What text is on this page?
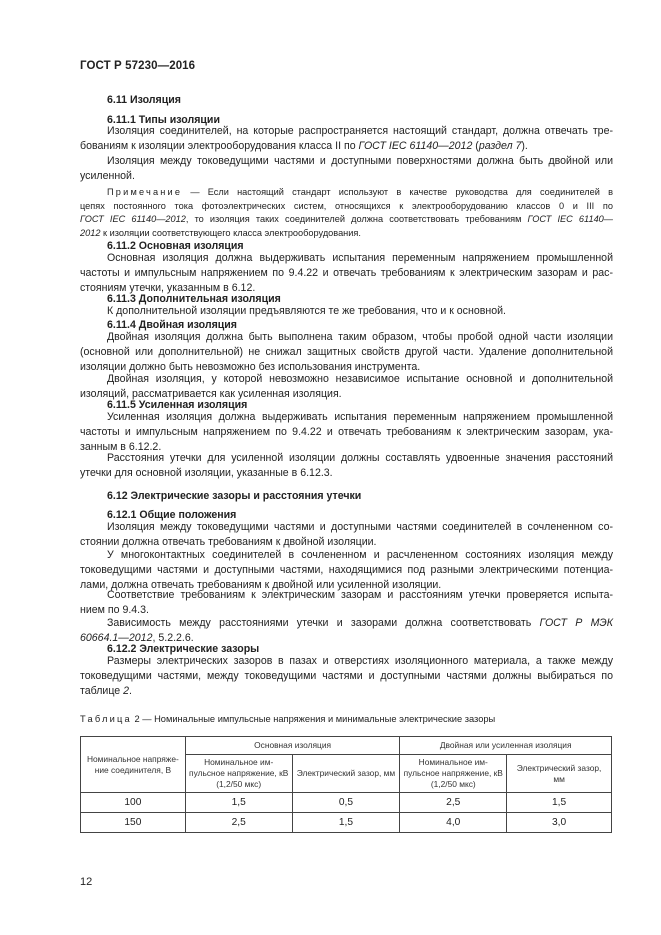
ГОСТ Р 57230—2016
6.11 Изоляция
6.11.1 Типы изоляции
Изоляция соединителей, на которые распространяется настоящий стандарт, должна отвечать тре-
бованиям к изоляции электрооборудования класса II по ГОСТ IEC 61140—2012 (раздел 7).
Изоляция между токоведущими частями и доступными поверхностями должна быть двойной или
усиленной.
Примечание — Если настоящий стандарт используют в качестве руководства для соединителей в
цепях постоянного тока фотоэлектрических систем, относящихся к электрооборудованию классов 0 и III по
ГОСТ IEC 61140—2012, то изоляция таких соединителей должна соответствовать требованиям ГОСТ IEC 61140—
2012 к изоляции соответствующего класса электрооборудования.
6.11.2 Основная изоляция
Основная изоляция должна выдерживать испытания переменным напряжением промышленной
частоты и импульсным напряжением по 9.4.22 и отвечать требованиям к электрическим зазорам и рас-
стояниям утечки, указанным в 6.12.
6.11.3 Дополнительная изоляция
К дополнительной изоляции предъявляются те же требования, что и к основной.
6.11.4 Двойная изоляция
Двойная изоляция должна быть выполнена таким образом, чтобы пробой одной части изоляции
(основной или дополнительной) не снижал защитных свойств другой части. Удаление дополнительной
изоляции должно быть невозможно без использования инструмента.
Двойная изоляция, у которой невозможно независимое испытание основной и дополнительной
изоляций, рассматривается как усиленная изоляция.
6.11.5 Усиленная изоляция
Усиленная изоляция должна выдерживать испытания переменным напряжением промышленной
частоты и импульсным напряжением по 9.4.22 и отвечать требованиям к электрическим зазорам, ука-
занным в 6.12.2.
Расстояния утечки для усиленной изоляции должны составлять удвоенные значения расстояний
утечки для основной изоляции, указанные в 6.12.3.
6.12 Электрические зазоры и расстояния утечки
6.12.1 Общие положения
Изоляция между токоведущими частями и доступными частями соединителей в сочлененном со-
стоянии должна отвечать требованиям к двойной изоляции.
У многоконтактных соединителей в сочлененном и расчлененном состояниях изоляция между
токоведущими частями и доступными частями, находящимися под разными электрическими потенциа-
лами, должна отвечать требованиям к двойной или усиленной изоляции.
Соответствие требованиям к электрическим зазорам и расстояниям утечки проверяется испыта-
нием по 9.4.3.
Зависимость между расстояниями утечки и зазорами должна соответствовать ГОСТ Р МЭК
60664.1—2012, 5.2.2.6.
6.12.2 Электрические зазоры
Размеры электрических зазоров в пазах и отверстиях изоляционного материала, а также между
токоведущими частями, между токоведущими частями и доступными частями должны выбираться по
таблице 2.
Таблица 2 — Номинальные импульсные напряжения и минимальные электрические зазоры
Номинальное напряже-ние соединителя, В	Основная изоляция		Двойная или усиленная изоляция	
	Номинальное им-пульсное напряжение, кВ (1,2/50 мкс)	Электрический зазор, мм	Номинальное им-пульсное напряжение, кВ (1,2/50 мкс)	Электрический зазор, мм
100	1,5	0,5	2,5	1,5
150	2,5	1,5	4,0	3,0
12
